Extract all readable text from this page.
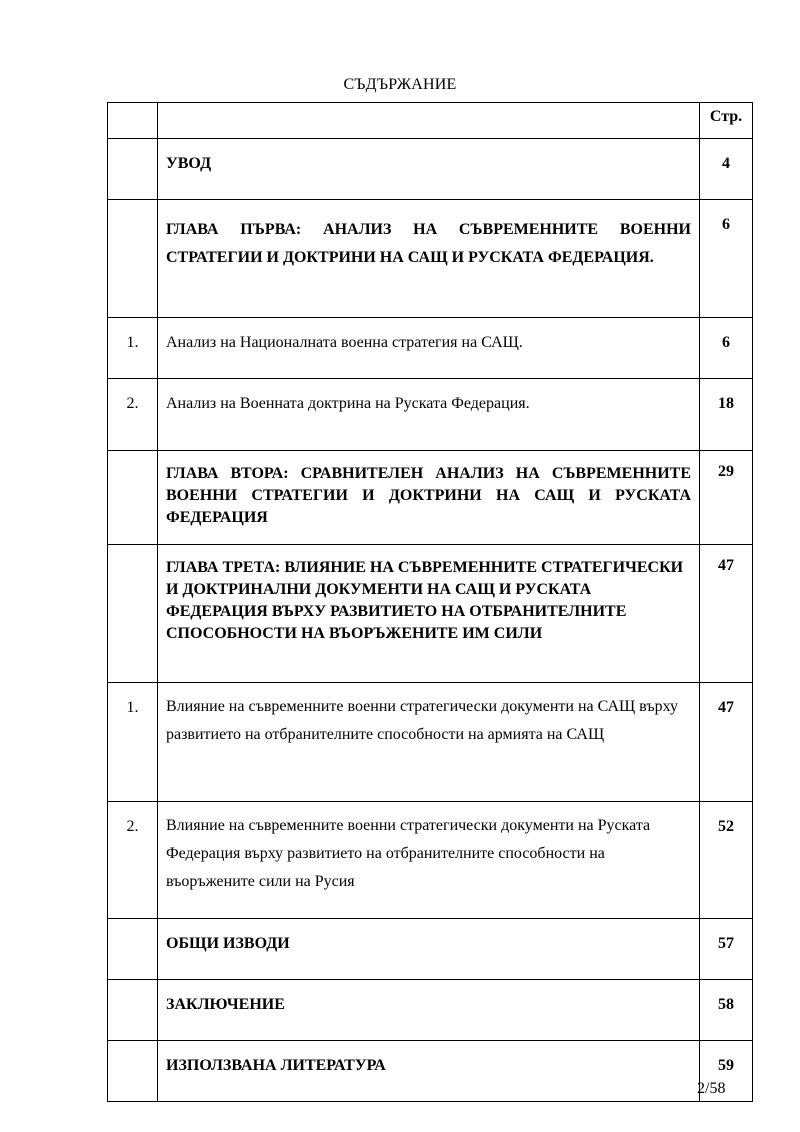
СЪДЪРЖАНИЕ
		Стр.
	УВОД	4
	ГЛАВА ПЪРВА: АНАЛИЗ НА СЪВРЕМЕННИТЕ ВОЕННИ СТРАТЕГИИ И ДОКТРИНИ НА САЩ И РУСКАТА ФЕДЕРАЦИЯ.	6
1.	Анализ на Националната военна стратегия на САЩ.	6
2.	Анализ на Военната доктрина на Руската Федерация.	18
	ГЛАВА ВТОРА: СРАВНИТЕЛЕН АНАЛИЗ НА СЪВРЕМЕННИТЕ ВОЕННИ СТРАТЕГИИ И ДОКТРИНИ НА САЩ И РУСКАТА ФЕДЕРАЦИЯ	29
	ГЛАВА ТРЕТА: ВЛИЯНИЕ НА СЪВРЕМЕННИТЕ СТРАТЕГИЧЕСКИ И ДОКТРИНАЛНИ ДОКУМЕНТИ НА САЩ И РУСКАТА ФЕДЕРАЦИЯ ВЪРХУ РАЗВИТИЕТО НА ОТБРАНИТЕЛНИТЕ СПОСОБНОСТИ НА ВЪОРЪЖЕНИТЕ ИМ СИЛИ	47
1.	Влияние на съвременните военни стратегически документи на САЩ върху развитието на отбранителните способности на армията на САЩ	47
2.	Влияние на съвременните военни стратегически документи на Руската Федерация върху развитието на отбранителните способности на въоръжените сили на Русия	52
	ОБЩИ ИЗВОДИ	57
	ЗАКЛЮЧЕНИЕ	58
	ИЗПОЛЗВАНА ЛИТЕРАТУРА	59
2/58
